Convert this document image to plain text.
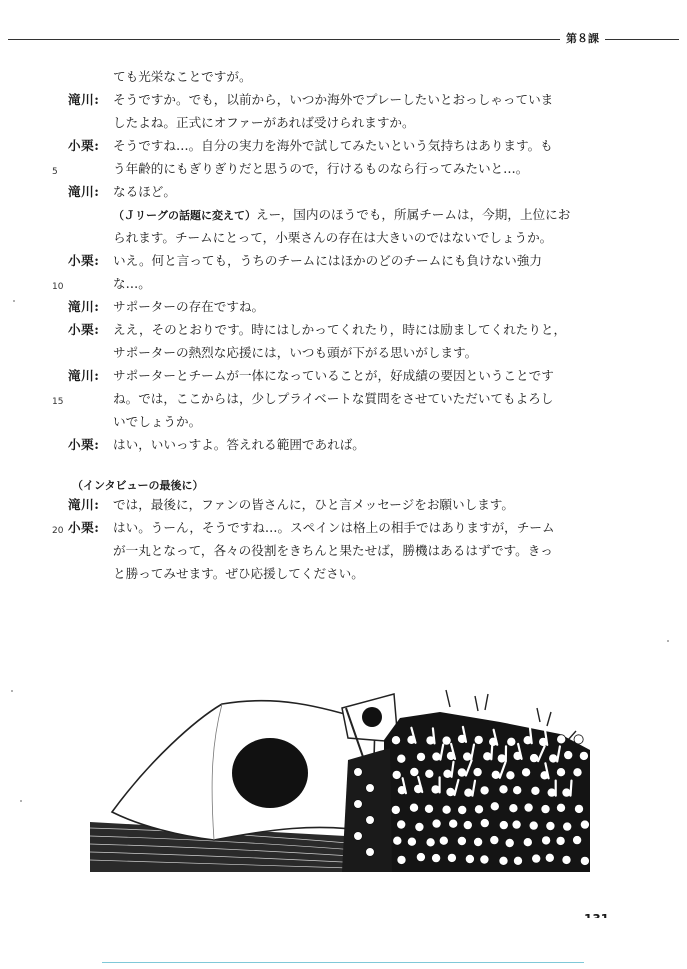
第８課
ても光栄なことですが。
滝川: そうですか。でも，以前から，いつか海外でプレーしたいとおっしゃっていま
したよね。正式にオファーがあれば受けられますか。
小栗: そうですね…。自分の実力を海外で試してみたいという気持ちはあります。も
5	う年齢的にもぎりぎりだと思うので，行けるものなら行ってみたいと…。
滝川: なるほど。
（Ｊリーグの話題に変えて）えー，国内のほうでも，所属チームは，今期，上位にお
られます。チームにとって，小栗さんの存在は大きいのではないでしょうか。
小栗: いえ。何と言っても，うちのチームにはほかのどのチームにも負けない強力
10	な…。
滝川: サポーターの存在ですね。
小栗: ええ，そのとおりです。時にはしかってくれたり，時には励ましてくれたりと，
サポーターの熱烈な応援には，いつも頭が下がる思いがします。
滝川: サポーターとチームが一体になっていることが，好成績の要因ということです
15	ね。では，ここからは，少しプライベートな質問をさせていただいてもよろし
いでしょうか。
小栗: はい，いいっすよ。答えれる範囲であれば。
（インタビューの最後に）
滝川: では，最後に，ファンの皆さんに，ひと言メッセージをお願いします。
20 小栗: はい。うーん，そうですね…。スペインは格上の相手ではありますが，チーム
が一丸となって，各々の役割をきちんと果たせば，勝機はあるはずです。きっ
と勝ってみせます。ぜひ応援してください。
